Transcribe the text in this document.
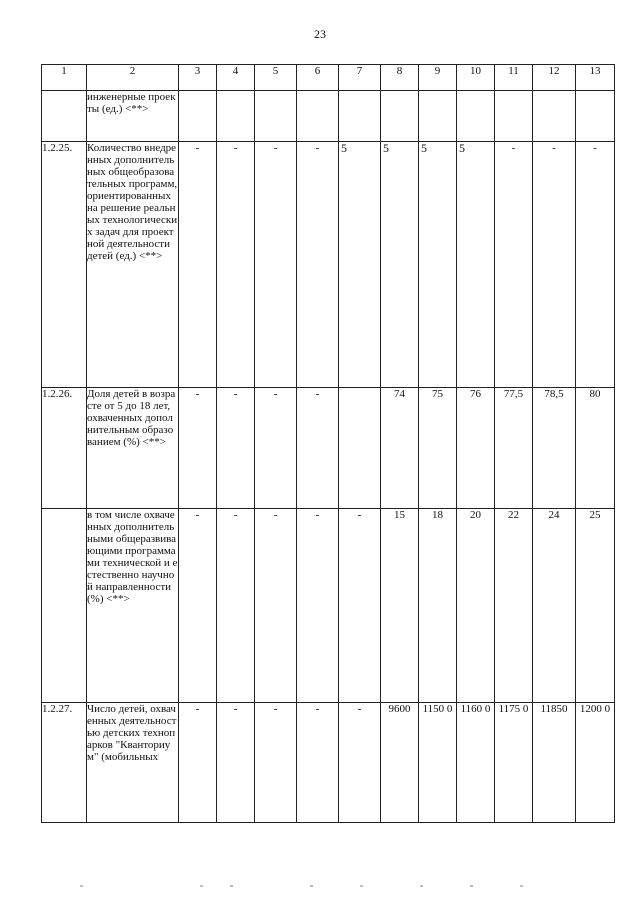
23
1	2	3	4	5	6	7	8	9	10	11	12	13
	инженерные проекты (ед.) <**>											
1.2.25.	Количество внедренных дополнительных общеобразовательных программ, ориентированных на решение реальных технологических задач для проектной деятельности детей (ед.) <**>	-	-	-	-	5	5	5	5	-	-	-
1.2.26.	Доля детей в возрасте от 5 до 18 лет, охваченных дополнительным образованием (%) <**>	-	-	-	-		74	75	76	77,5	78,5	80
	в том числе охваченных дополнительными общеразвивающими программами технической и естественно научной направленности (%) <**>	-	-	-	-	-	15	18	20	22	24	25
1.2.27.	Число детей, охваченных деятельностью детских технопарков "Кванториум" (мобильных	-	-	-	-	-	9600	1150 0	1160 0	1175 0	11850	1200 0
